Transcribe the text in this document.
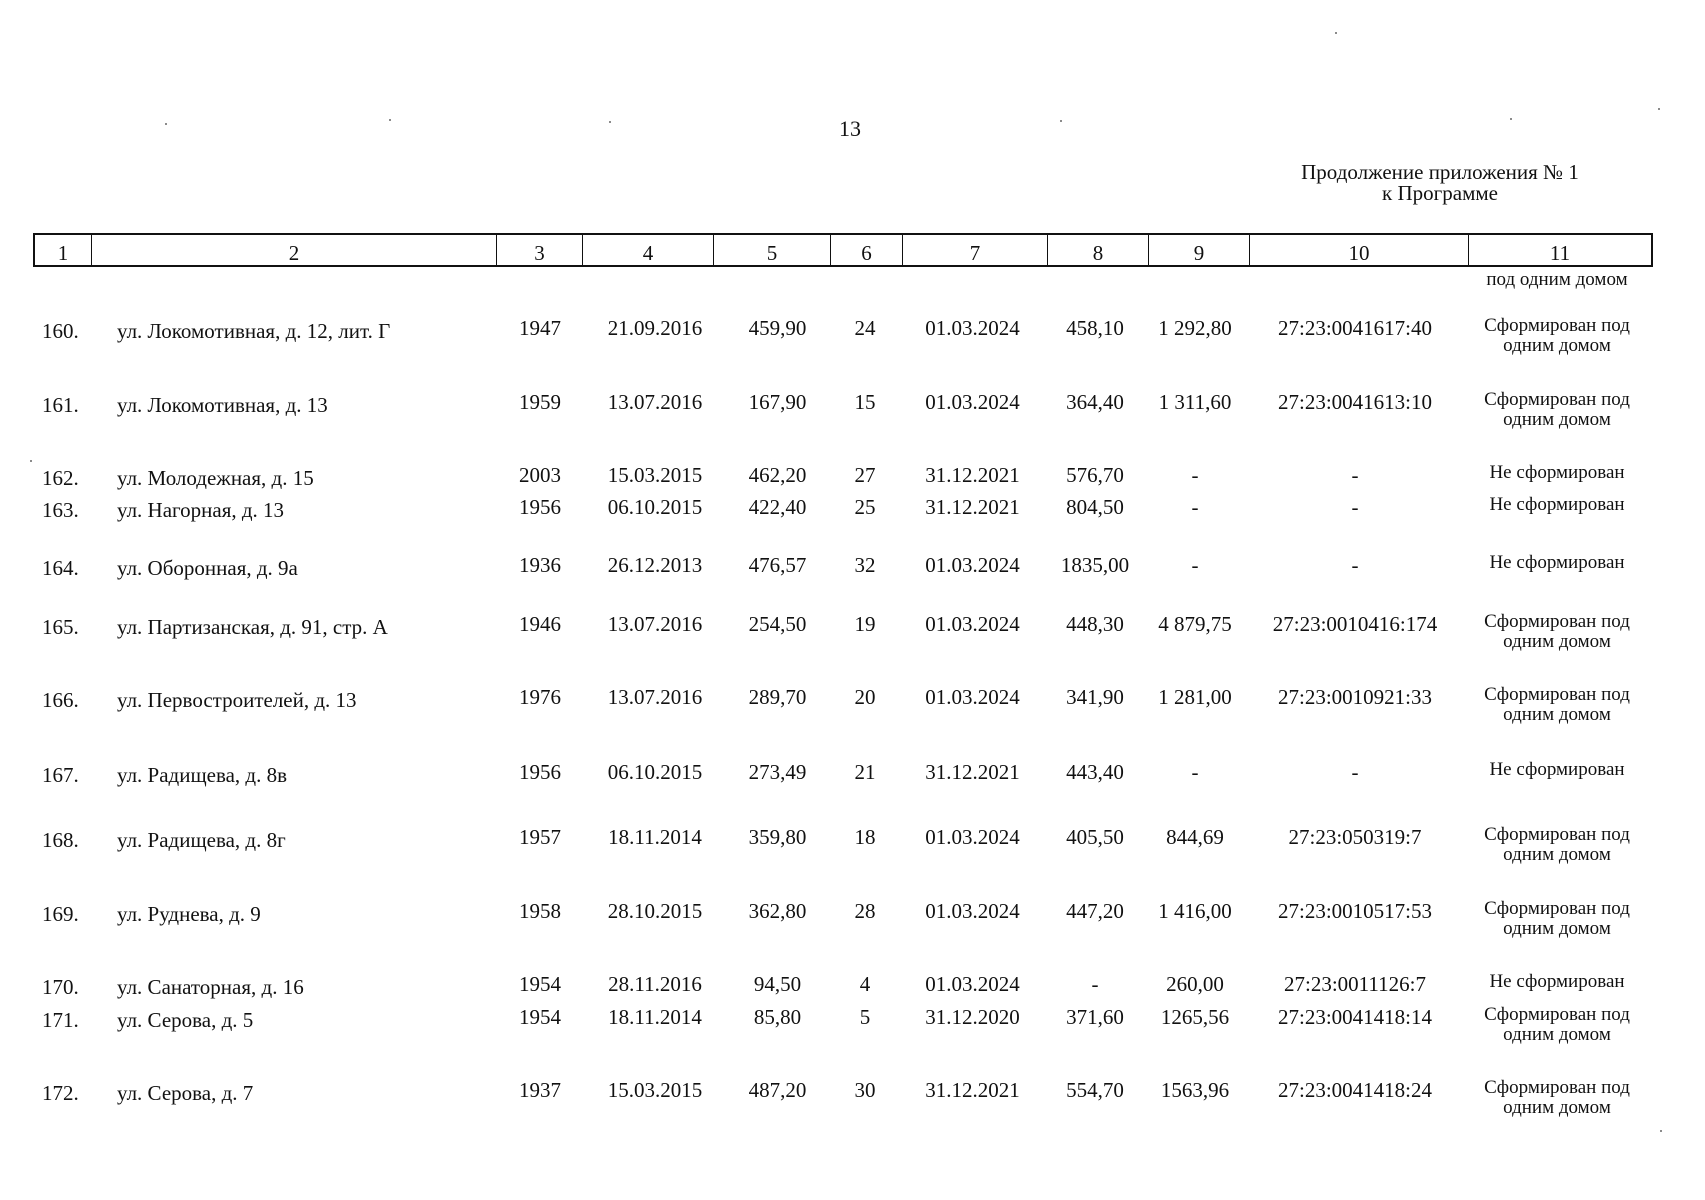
13
Продолжение приложения № 1
к Программе
1	2	3	4	5	6	7	8	9	10	11
под одним домом
160.	ул. Локомотивная, д. 12, лит. Г	1947	21.09.2016	459,90	24	01.03.2024	458,10	1 292,80	27:23:0041617:40	Сформирован под одним домом
161.	ул. Локомотивная, д. 13	1959	13.07.2016	167,90	15	01.03.2024	364,40	1 311,60	27:23:0041613:10	Сформирован под одним домом
162.	ул. Молодежная, д. 15	2003	15.03.2015	462,20	27	31.12.2021	576,70	-	-	Не сформирован
163.	ул. Нагорная, д. 13	1956	06.10.2015	422,40	25	31.12.2021	804,50	-	-	Не сформирован
164.	ул. Оборонная, д. 9а	1936	26.12.2013	476,57	32	01.03.2024	1835,00	-	-	Не сформирован
165.	ул. Партизанская, д. 91, стр. А	1946	13.07.2016	254,50	19	01.03.2024	448,30	4 879,75	27:23:0010416:174	Сформирован под одним домом
166.	ул. Первостроителей, д. 13	1976	13.07.2016	289,70	20	01.03.2024	341,90	1 281,00	27:23:0010921:33	Сформирован под одним домом
167.	ул. Радищева, д. 8в	1956	06.10.2015	273,49	21	31.12.2021	443,40	-	-	Не сформирован
168.	ул. Радищева, д. 8г	1957	18.11.2014	359,80	18	01.03.2024	405,50	844,69	27:23:050319:7	Сформирован под одним домом
169.	ул. Руднева, д. 9	1958	28.10.2015	362,80	28	01.03.2024	447,20	1 416,00	27:23:0010517:53	Сформирован под одним домом
170.	ул. Санаторная, д. 16	1954	28.11.2016	94,50	4	01.03.2024	-	260,00	27:23:0011126:7	Не сформирован
171.	ул. Серова, д. 5	1954	18.11.2014	85,80	5	31.12.2020	371,60	1265,56	27:23:0041418:14	Сформирован под одним домом
172.	ул. Серова, д. 7	1937	15.03.2015	487,20	30	31.12.2021	554,70	1563,96	27:23:0041418:24	Сформирован под одним домом
